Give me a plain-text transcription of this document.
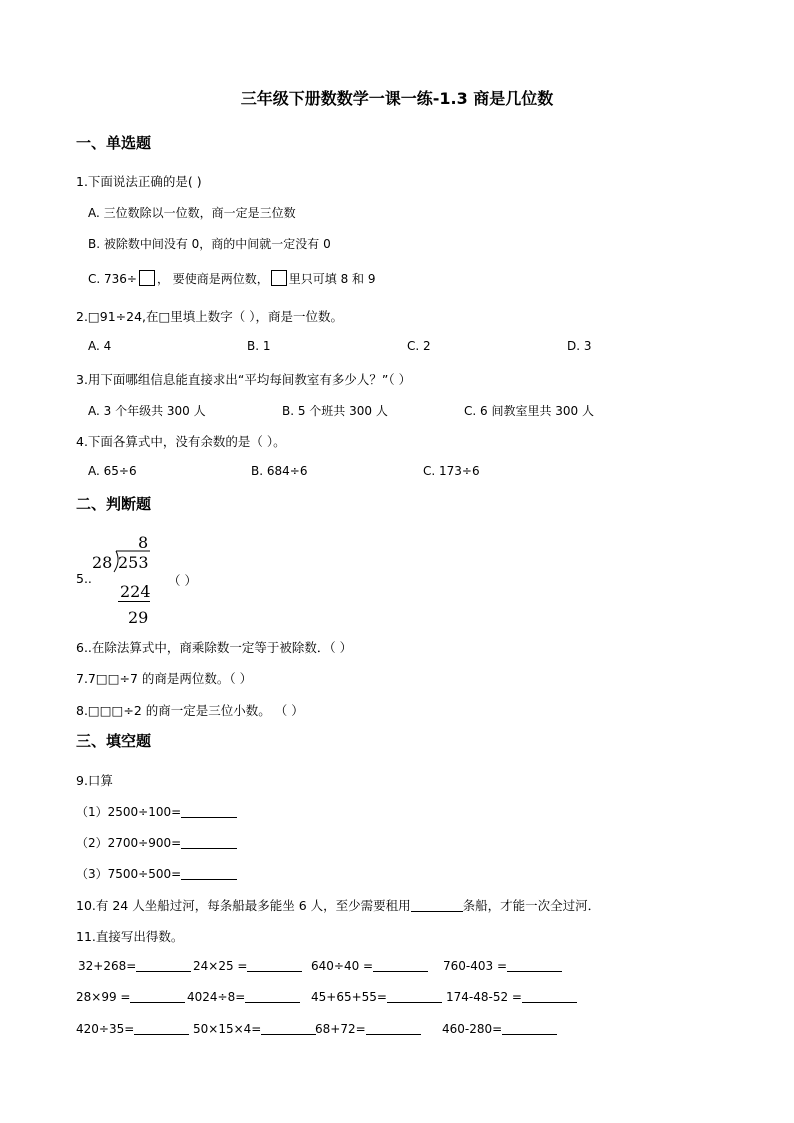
三年级下册数数学一课一练-1.3 商是几位数
一、单选题
1.下面说法正确的是( )
A. 三位数除以一位数，商一定是三位数
B. 被除数中间没有 0，商的中间就一定没有 0
C. 736÷ ， 要使商是两位数， 里只可填 8 和 9
2.□91÷24,在□里填上数字（ ），商是一位数。
A. 4	B. 1	C. 2	D. 3
3.用下面哪组信息能直接求出“平均每间教室有多少人？”（ ）
A. 3 个年级共 300 人	B. 5 个班共 300 人	C. 6 间教室里共 300 人
4.下面各算式中，没有余数的是（ ）。
A. 65÷6	B. 684÷6	C. 173÷6
二、判断题
5..
8
28 253
224
29
（ ）
6..在除法算式中，商乘除数一定等于被除数．（ ）
7.7□□÷7 的商是两位数。（ ）
8.□□□÷2 的商一定是三位小数。 （ ）
三、填空题
9.口算
（1）2500÷100=
（2）2700÷900=
（3）7500÷500=
10.有 24 人坐船过河，每条船最多能坐 6 人，至少需要租用	条船，才能一次全过河．
11.直接写出得数。
32+268=	24×25 =	640÷40 =	760-403 =
28×99 =	4024÷8=	45+65+55=	174-48-52 =
420÷35=	50×15×4=	68+72=	460-280=
